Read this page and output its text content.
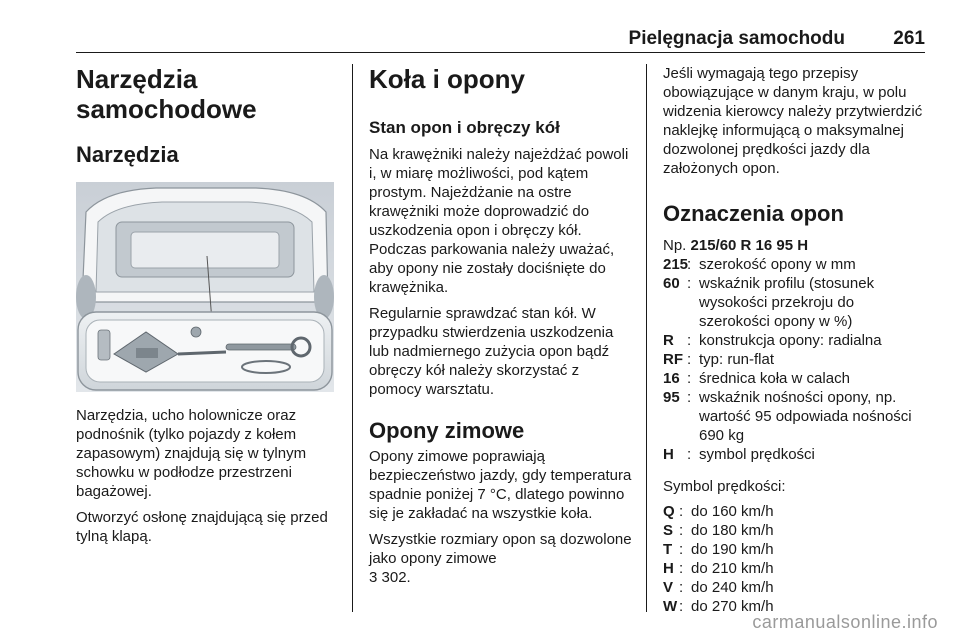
Pielęgnacja samochodu	261
Narzędzia samochodowe
Narzędzia

Narzędzia, ucho holownicze oraz podnośnik (tylko pojazdy z kołem zapasowym) znajdują się w tylnym schowku w podłodze przestrzeni bagażowej.

Otworzyć osłonę znajdującą się przed tylną klapą.

Koła i opony
Stan opon i obręczy kół

Na krawężniki należy najeżdżać powoli i, w miarę możliwości, pod kątem prostym. Najeżdżanie na ostre krawężniki może doprowadzić do uszkodzenia opon i obręczy kół. Podczas parkowania należy uważać, aby opony nie zostały dociśnięte do krawężnika.

Regularnie sprawdzać stan kół. W przypadku stwierdzenia uszkodzenia lub nadmiernego zużycia opon bądź obręczy kół należy skorzystać z pomocy warsztatu.

Opony zimowe

Opony zimowe poprawiają bezpieczeństwo jazdy, gdy temperatura spadnie poniżej 7 °C, dlatego powinno się je zakładać na wszystkie koła.

Wszystkie rozmiary opon są dozwolone jako opony zimowe
3 302.

Jeśli wymagają tego przepisy obowiązujące w danym kraju, w polu widzenia kierowcy należy przytwierdzić naklejkę informującą o maksymalnej dozwolonej prędkości jazdy dla założonych opon.

Oznaczenia opon

Np. 215/60 R 16 95 H

215
: szerokość opony w mm
60 : wskaźnik profilu (stosunek wysokości przekroju do szerokości opony w %)
R : konstrukcja opony: radialna
RF : typ: run-flat
16 : średnica koła w calach
95 : wskaźnik nośności opony, np. wartość 95 odpowiada nośności 690 kg
H : symbol prędkości

Symbol prędkości:

Q : do 160 km/h
S : do 180 km/h
T : do 190 km/h
H : do 210 km/h
V : do 240 km/h
W : do 270 km/h
carmanualsonline.info
